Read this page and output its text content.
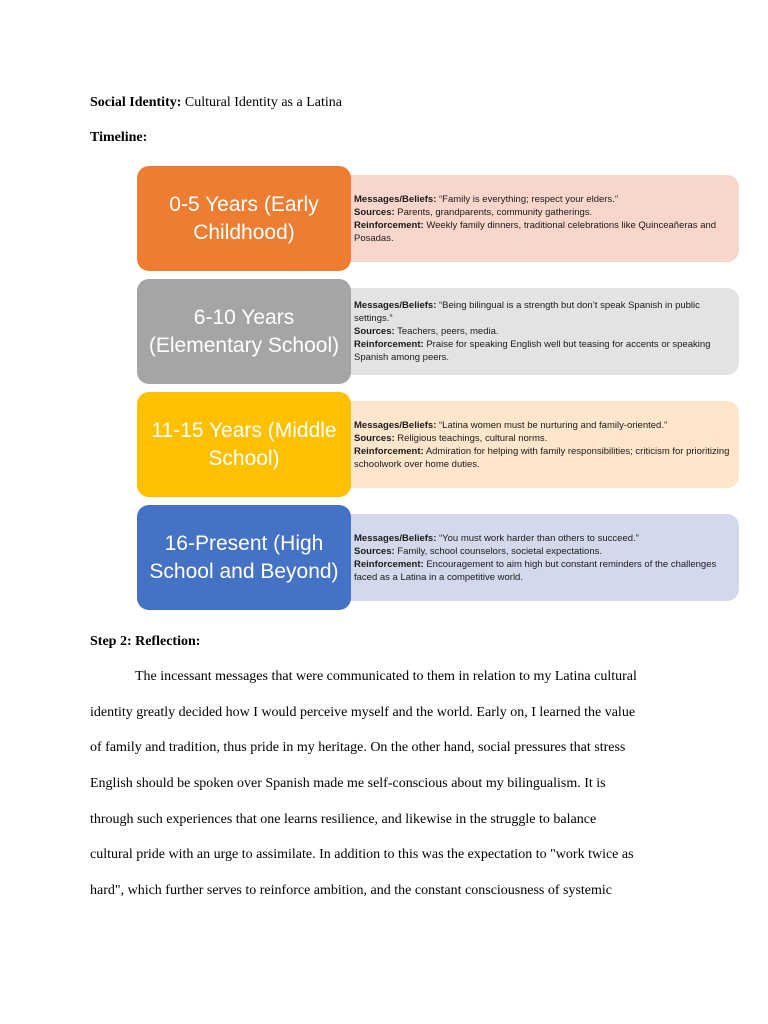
Social Identity: Cultural Identity as a Latina
Timeline:
Messages/Beliefs: “Family is everything; respect your elders.”
Sources: Parents, grandparents, community gatherings.
Reinforcement: Weekly family dinners, traditional celebrations like Quinceañeras and Posadas.
0-5 Years (Early Childhood)
Messages/Beliefs: “Being bilingual is a strength but don’t speak Spanish in public settings.”
Sources: Teachers, peers, media.
Reinforcement: Praise for speaking English well but teasing for accents or speaking Spanish among peers.
6-10 Years (Elementary School)
Messages/Beliefs: “Latina women must be nurturing and family-oriented.”
Sources: Religious teachings, cultural norms.
Reinforcement: Admiration for helping with family responsibilities; criticism for prioritizing schoolwork over home duties.
11-15 Years (Middle School)
Messages/Beliefs: “You must work harder than others to succeed.”
Sources: Family, school counselors, societal expectations.
Reinforcement: Encouragement to aim high but constant reminders of the challenges faced as a Latina in a competitive world.
16-Present (High School and Beyond)
Step 2: Reflection:
The incessant messages that were communicated to them in relation to my Latina cultural
identity greatly decided how I would perceive myself and the world. Early on, I learned the value
of family and tradition, thus pride in my heritage. On the other hand, social pressures that stress
English should be spoken over Spanish made me self-conscious about my bilingualism. It is
through such experiences that one learns resilience, and likewise in the struggle to balance
cultural pride with an urge to assimilate. In addition to this was the expectation to "work twice as
hard", which further serves to reinforce ambition, and the constant consciousness of systemic
